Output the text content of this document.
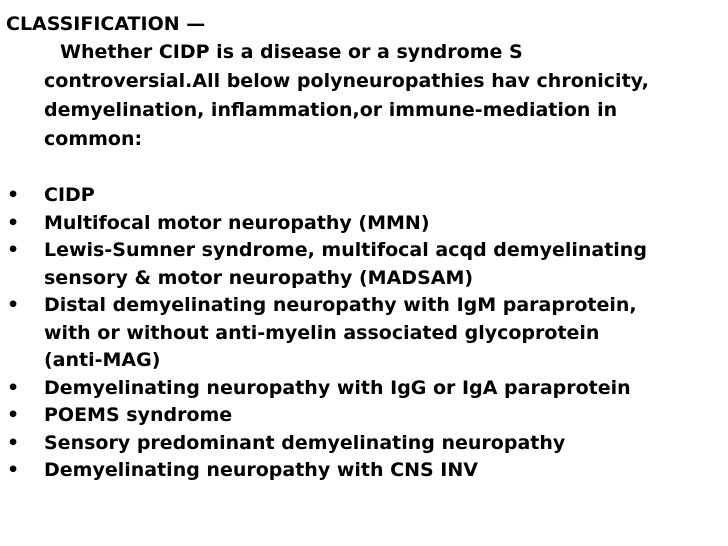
CLASSIFICATION —
Whether CIDP is a disease or a syndrome S
controversial.All below polyneuropathies hav chronicity,
demyelination, inflammation,or immune-mediation in
common:
• CIDP
• Multifocal motor neuropathy (MMN)
• Lewis-Sumner syndrome, multifocal acqd demyelinating
sensory & motor neuropathy (MADSAM)
• Distal demyelinating neuropathy with IgM paraprotein,
with or without anti-myelin associated glycoprotein
(anti-MAG)
• Demyelinating neuropathy with IgG or IgA paraprotein
• POEMS syndrome
• Sensory predominant demyelinating neuropathy
• Demyelinating neuropathy with CNS INV
